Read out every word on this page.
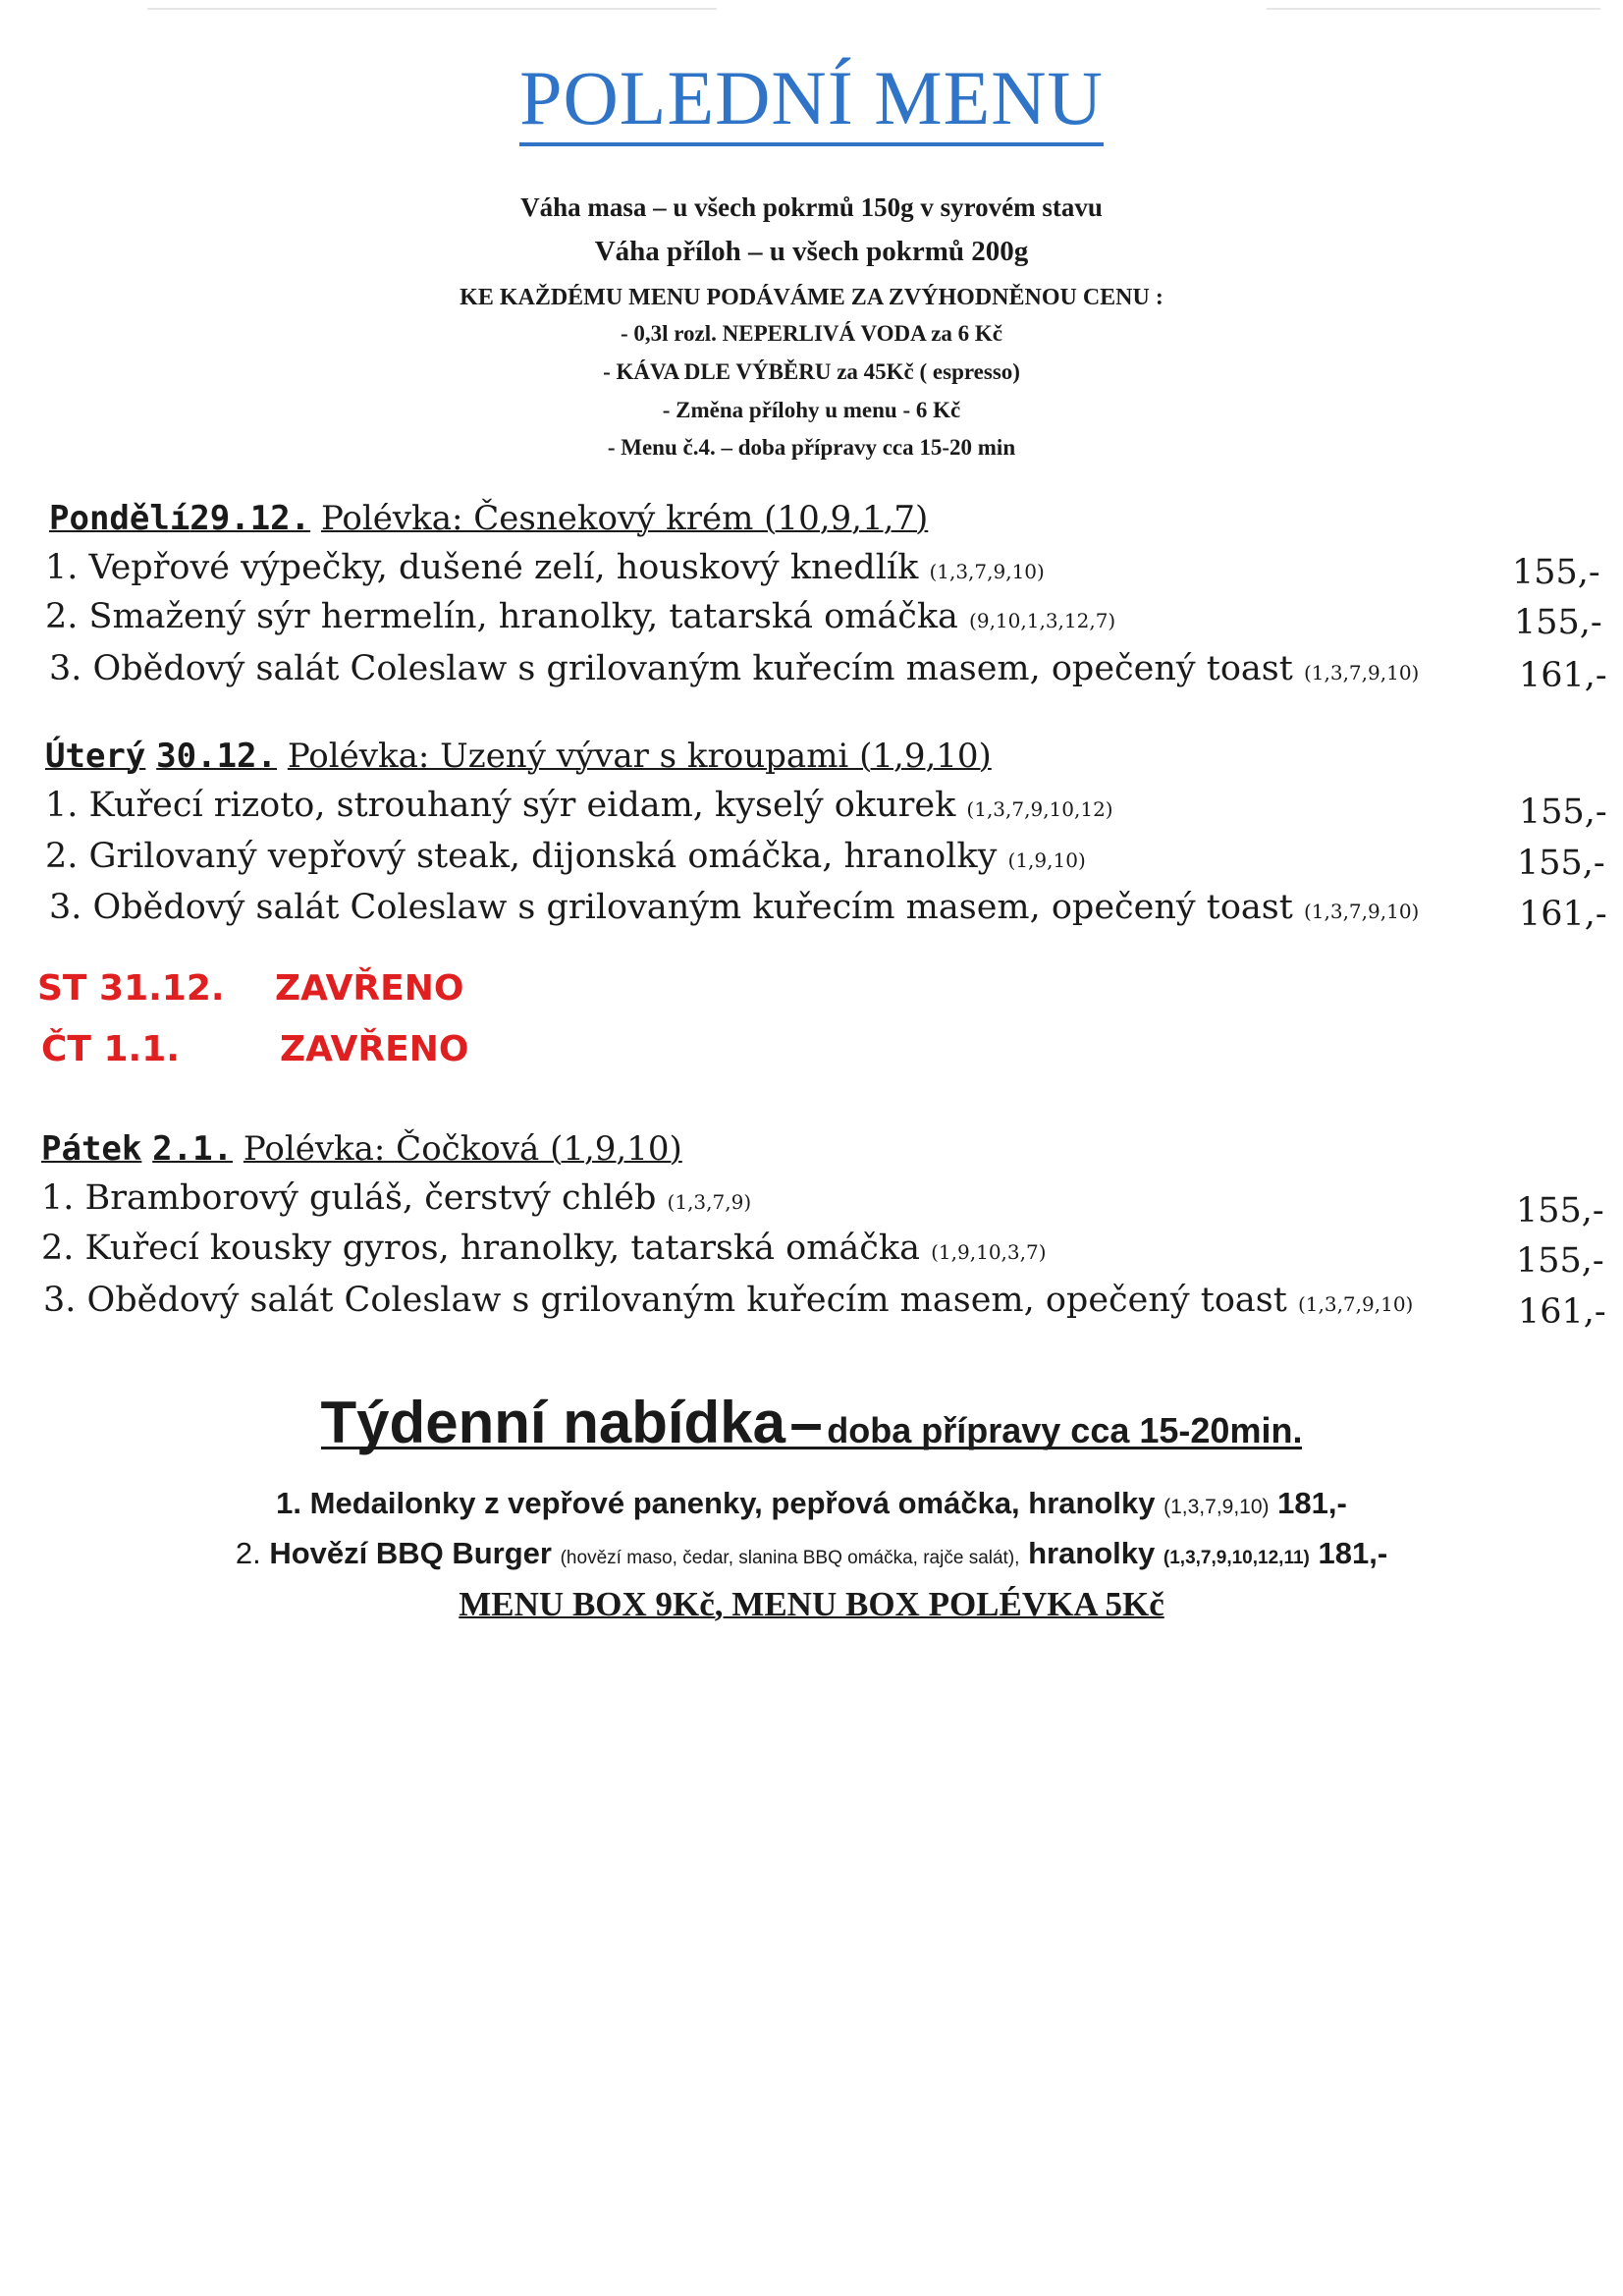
POLEDNÍ MENU
Váha masa – u všech pokrmů 150g v syrovém stavu
Váha příloh – u všech pokrmů 200g
KE KAŽDÉMU MENU PODÁVÁME ZA ZVÝHODNĚNOU CENU :
- 0,3l rozl. NEPERLIVÁ VODA za 6 Kč
- KÁVA DLE VÝBĚRU za 45Kč ( espresso)
- Změna přílohy u menu - 6 Kč
- Menu č.4. – doba přípravy cca 15-20 min
Pondělí29.12. Polévka: Česnekový krém (10,9,1,7)
1. Vepřové výpečky, dušené zelí, houskový knedlík (1,3,7,9,10)	155,-
2. Smažený sýr hermelín, hranolky, tatarská omáčka (9,10,1,3,12,7)	155,-
3. Obědový salát Coleslaw s grilovaným kuřecím masem, opečený toast (1,3,7,9,10)	161,-
Úterý 30.12. Polévka: Uzený vývar s kroupami (1,9,10)
1. Kuřecí rizoto, strouhaný sýr eidam, kyselý okurek (1,3,7,9,10,12)	155,-
2. Grilovaný vepřový steak, dijonská omáčka, hranolky (1,9,10)	155,-
3. Obědový salát Coleslaw s grilovaným kuřecím masem, opečený toast (1,3,7,9,10)	161,-
ST 31.12. ZAVŘENO
ČT 1.1.	ZAVŘENO
Pátek 2.1. Polévka: Čočková (1,9,10)
1. Bramborový guláš, čerstvý chléb (1,3,7,9)	155,-
2. Kuřecí kousky gyros, hranolky, tatarská omáčka (1,9,10,3,7)	155,-
3. Obědový salát Coleslaw s grilovaným kuřecím masem, opečený toast (1,3,7,9,10)	161,-
Týdenní nabídka – doba přípravy cca 15-20min.
1. Medailonky z vepřové panenky, pepřová omáčka, hranolky (1,3,7,9,10) 181,-
2. Hovězí BBQ Burger (hovězí maso, čedar, slanina BBQ omáčka, rajče salát), hranolky (1,3,7,9,10,12,11) 181,-
MENU BOX 9Kč, MENU BOX POLÉVKA 5Kč
